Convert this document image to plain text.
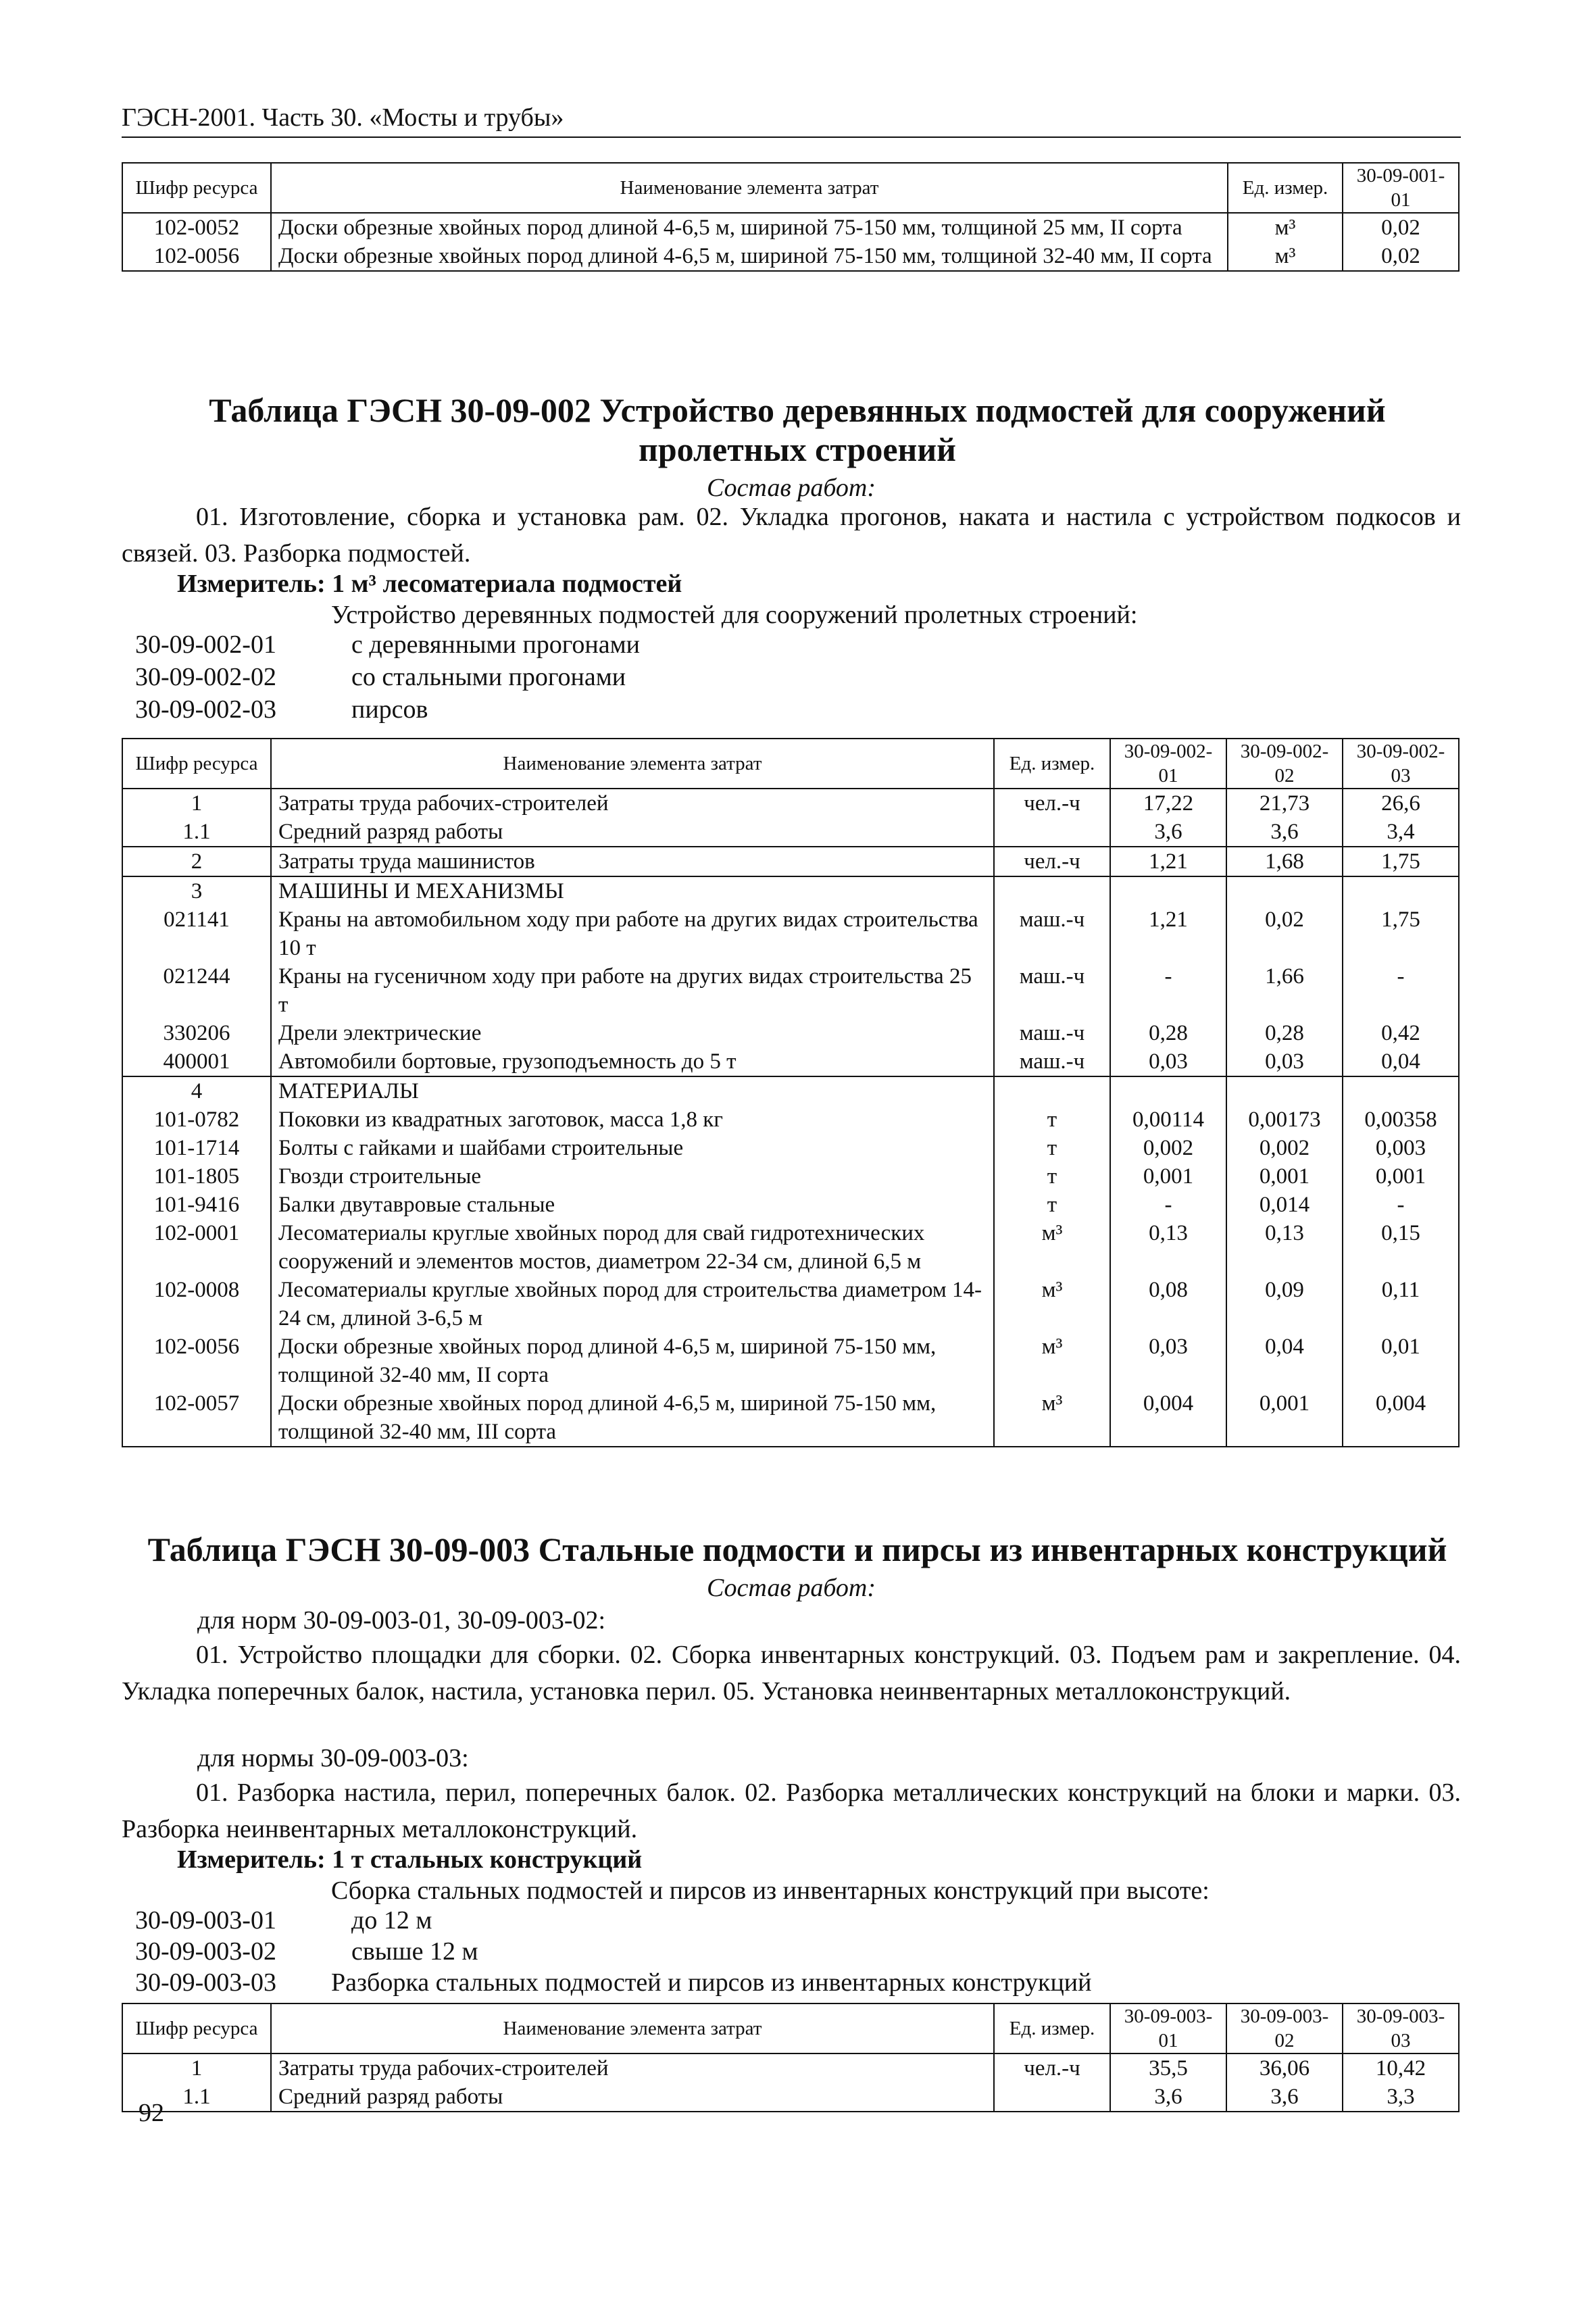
ГЭСН-2001. Часть 30. «Мосты и трубы»
Шифр ресурса	Наименование элемента затрат	Ед. измер.	30-09-001-01
102-0052	Доски обрезные хвойных пород длиной 4-6,5 м, шириной 75-150 мм, толщиной 25 мм, II сорта	м³	0,02
102-0056	Доски обрезные хвойных пород длиной 4-6,5 м, шириной 75-150 мм, толщиной 32-40 мм, II сорта	м³	0,02
Таблица ГЭСН 30-09-002 Устройство деревянных подмостей для сооружений
пролетных строений
Состав работ:
01. Изготовление, сборка и установка рам. 02. Укладка прогонов, наката и настила с устройством подкосов и связей. 03. Разборка подмостей.
Измеритель: 1 м³ лесоматериала подмостей
Устройство деревянных подмостей для сооружений пролетных строений:
30-09-002-01	с деревянными прогонами
30-09-002-02	со стальными прогонами
30-09-002-03	пирсов
Шифр ресурса	Наименование элемента затрат	Ед. измер.	30-09-002-01	30-09-002-02	30-09-002-03
1	Затраты труда рабочих-строителей	чел.-ч	17,22	21,73	26,6
1.1	Средний разряд работы		3,6	3,6	3,4
2	Затраты труда машинистов	чел.-ч	1,21	1,68	1,75
3	МАШИНЫ И МЕХАНИЗМЫ				
021141	Краны на автомобильном ходу при работе на других видах строительства 10 т	маш.-ч	1,21	0,02	1,75
021244	Краны на гусеничном ходу при работе на других видах строительства 25 т	маш.-ч	-	1,66	-
330206	Дрели электрические	маш.-ч	0,28	0,28	0,42
400001	Автомобили бортовые, грузоподъемность до 5 т	маш.-ч	0,03	0,03	0,04
4	МАТЕРИАЛЫ				
101-0782	Поковки из квадратных заготовок, масса 1,8 кг	т	0,00114	0,00173	0,00358
101-1714	Болты с гайками и шайбами строительные	т	0,002	0,002	0,003
101-1805	Гвозди строительные	т	0,001	0,001	0,001
101-9416	Балки двутавровые стальные	т	-	0,014	-
102-0001	Лесоматериалы круглые хвойных пород для свай гидротехнических сооружений и элементов мостов, диаметром 22-34 см, длиной 6,5 м	м³	0,13	0,13	0,15
102-0008	Лесоматериалы круглые хвойных пород для строительства диаметром 14-24 см, длиной 3-6,5 м	м³	0,08	0,09	0,11
102-0056	Доски обрезные хвойных пород длиной 4-6,5 м, шириной 75-150 мм, толщиной 32-40 мм, II сорта	м³	0,03	0,04	0,01
102-0057	Доски обрезные хвойных пород длиной 4-6,5 м, шириной 75-150 мм, толщиной 32-40 мм, III сорта	м³	0,004	0,001	0,004
Таблица ГЭСН 30-09-003 Стальные подмости и пирсы из инвентарных конструкций
Состав работ:
для норм 30-09-003-01, 30-09-003-02:
01. Устройство площадки для сборки. 02. Сборка инвентарных конструкций. 03. Подъем рам и закрепление. 04. Укладка поперечных балок, настила, установка перил. 05. Установка неинвентарных металлоконструкций.
для нормы 30-09-003-03:
01. Разборка настила, перил, поперечных балок. 02. Разборка металлических конструкций на блоки и марки. 03. Разборка неинвентарных металлоконструкций.
Измеритель: 1 т стальных конструкций
Сборка стальных подмостей и пирсов из инвентарных конструкций при высоте:
30-09-003-01	до 12 м
30-09-003-02	свыше 12 м
30-09-003-03 Разборка стальных подмостей и пирсов из инвентарных конструкций
Шифр ресурса	Наименование элемента затрат	Ед. измер.	30-09-003-01	30-09-003-02	30-09-003-03
1	Затраты труда рабочих-строителей	чел.-ч	35,5	36,06	10,42
1.1	Средний разряд работы		3,6	3,6	3,3
92
